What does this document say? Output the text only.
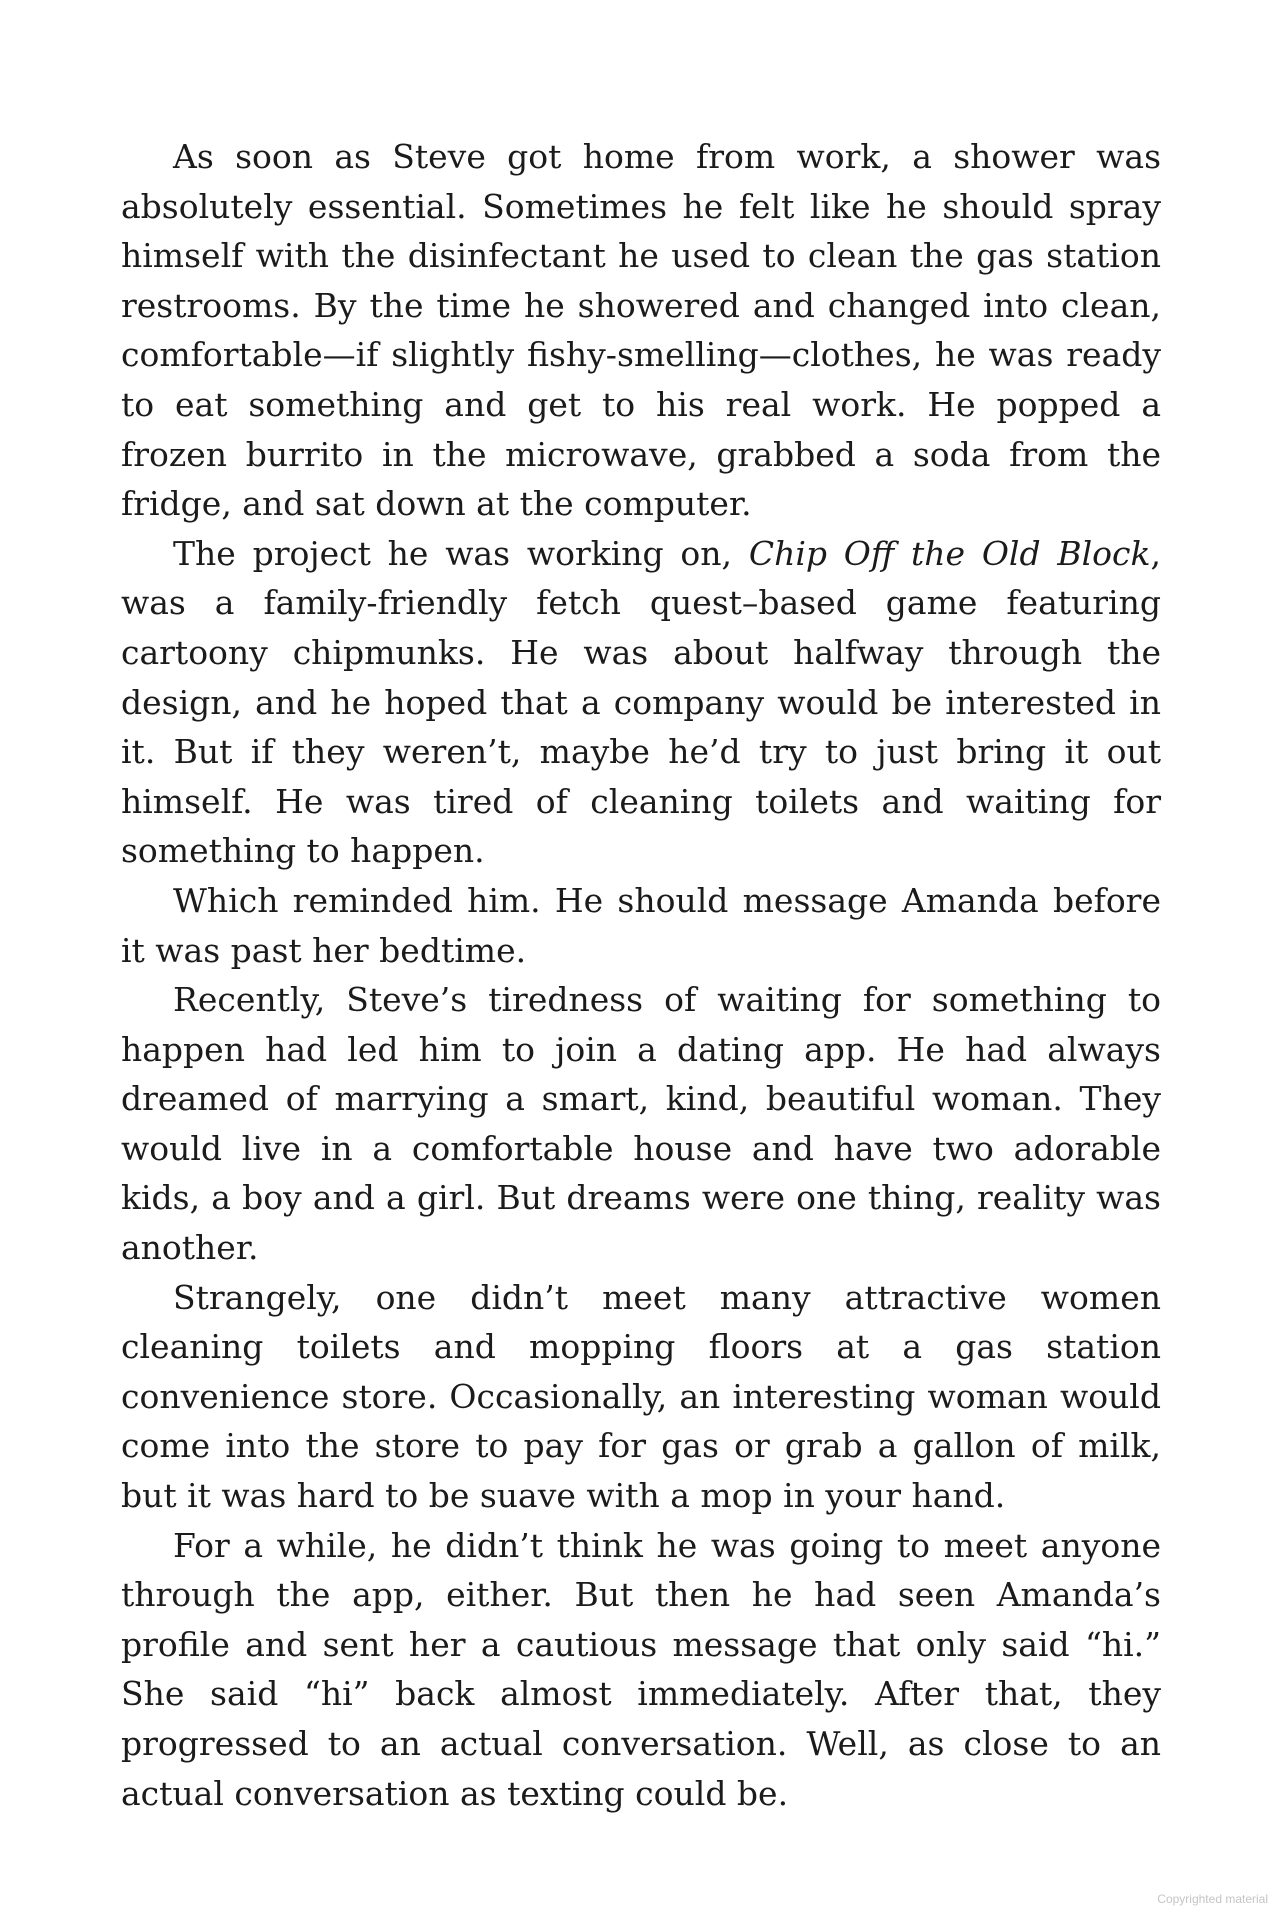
As soon as Steve got home from work, a shower was absolutely essential. Sometimes he felt like he should spray himself with the disinfectant he used to clean the gas station restrooms. By the time he showered and changed into clean, comfortable—if slightly fishy-smelling—clothes, he was ready to eat something and get to his real work. He popped a frozen burrito in the microwave, grabbed a soda from the fridge, and sat down at the computer.

The project he was working on, Chip Off the Old Block, was a family-friendly fetch quest–based game featuring cartoony chipmunks. He was about halfway through the design, and he hoped that a company would be interested in it. But if they weren’t, maybe he’d try to just bring it out himself. He was tired of cleaning toilets and waiting for something to happen.

Which reminded him. He should message Amanda before it was past her bedtime.

Recently, Steve’s tiredness of waiting for something to happen had led him to join a dating app. He had always dreamed of marrying a smart, kind, beautiful woman. They would live in a comfortable house and have two adorable kids, a boy and a girl. But dreams were one thing, reality was another.

Strangely, one didn’t meet many attractive women cleaning toilets and mopping floors at a gas station convenience store. Occasionally, an interesting woman would come into the store to pay for gas or grab a gallon of milk, but it was hard to be suave with a mop in your hand.

For a while, he didn’t think he was going to meet anyone through the app, either. But then he had seen Amanda’s profile and sent her a cautious message that only said “hi.” She said “hi” back almost immediately. After that, they progressed to an actual conversation. Well, as close to an actual conversation as texting could be.

Copyrighted material
